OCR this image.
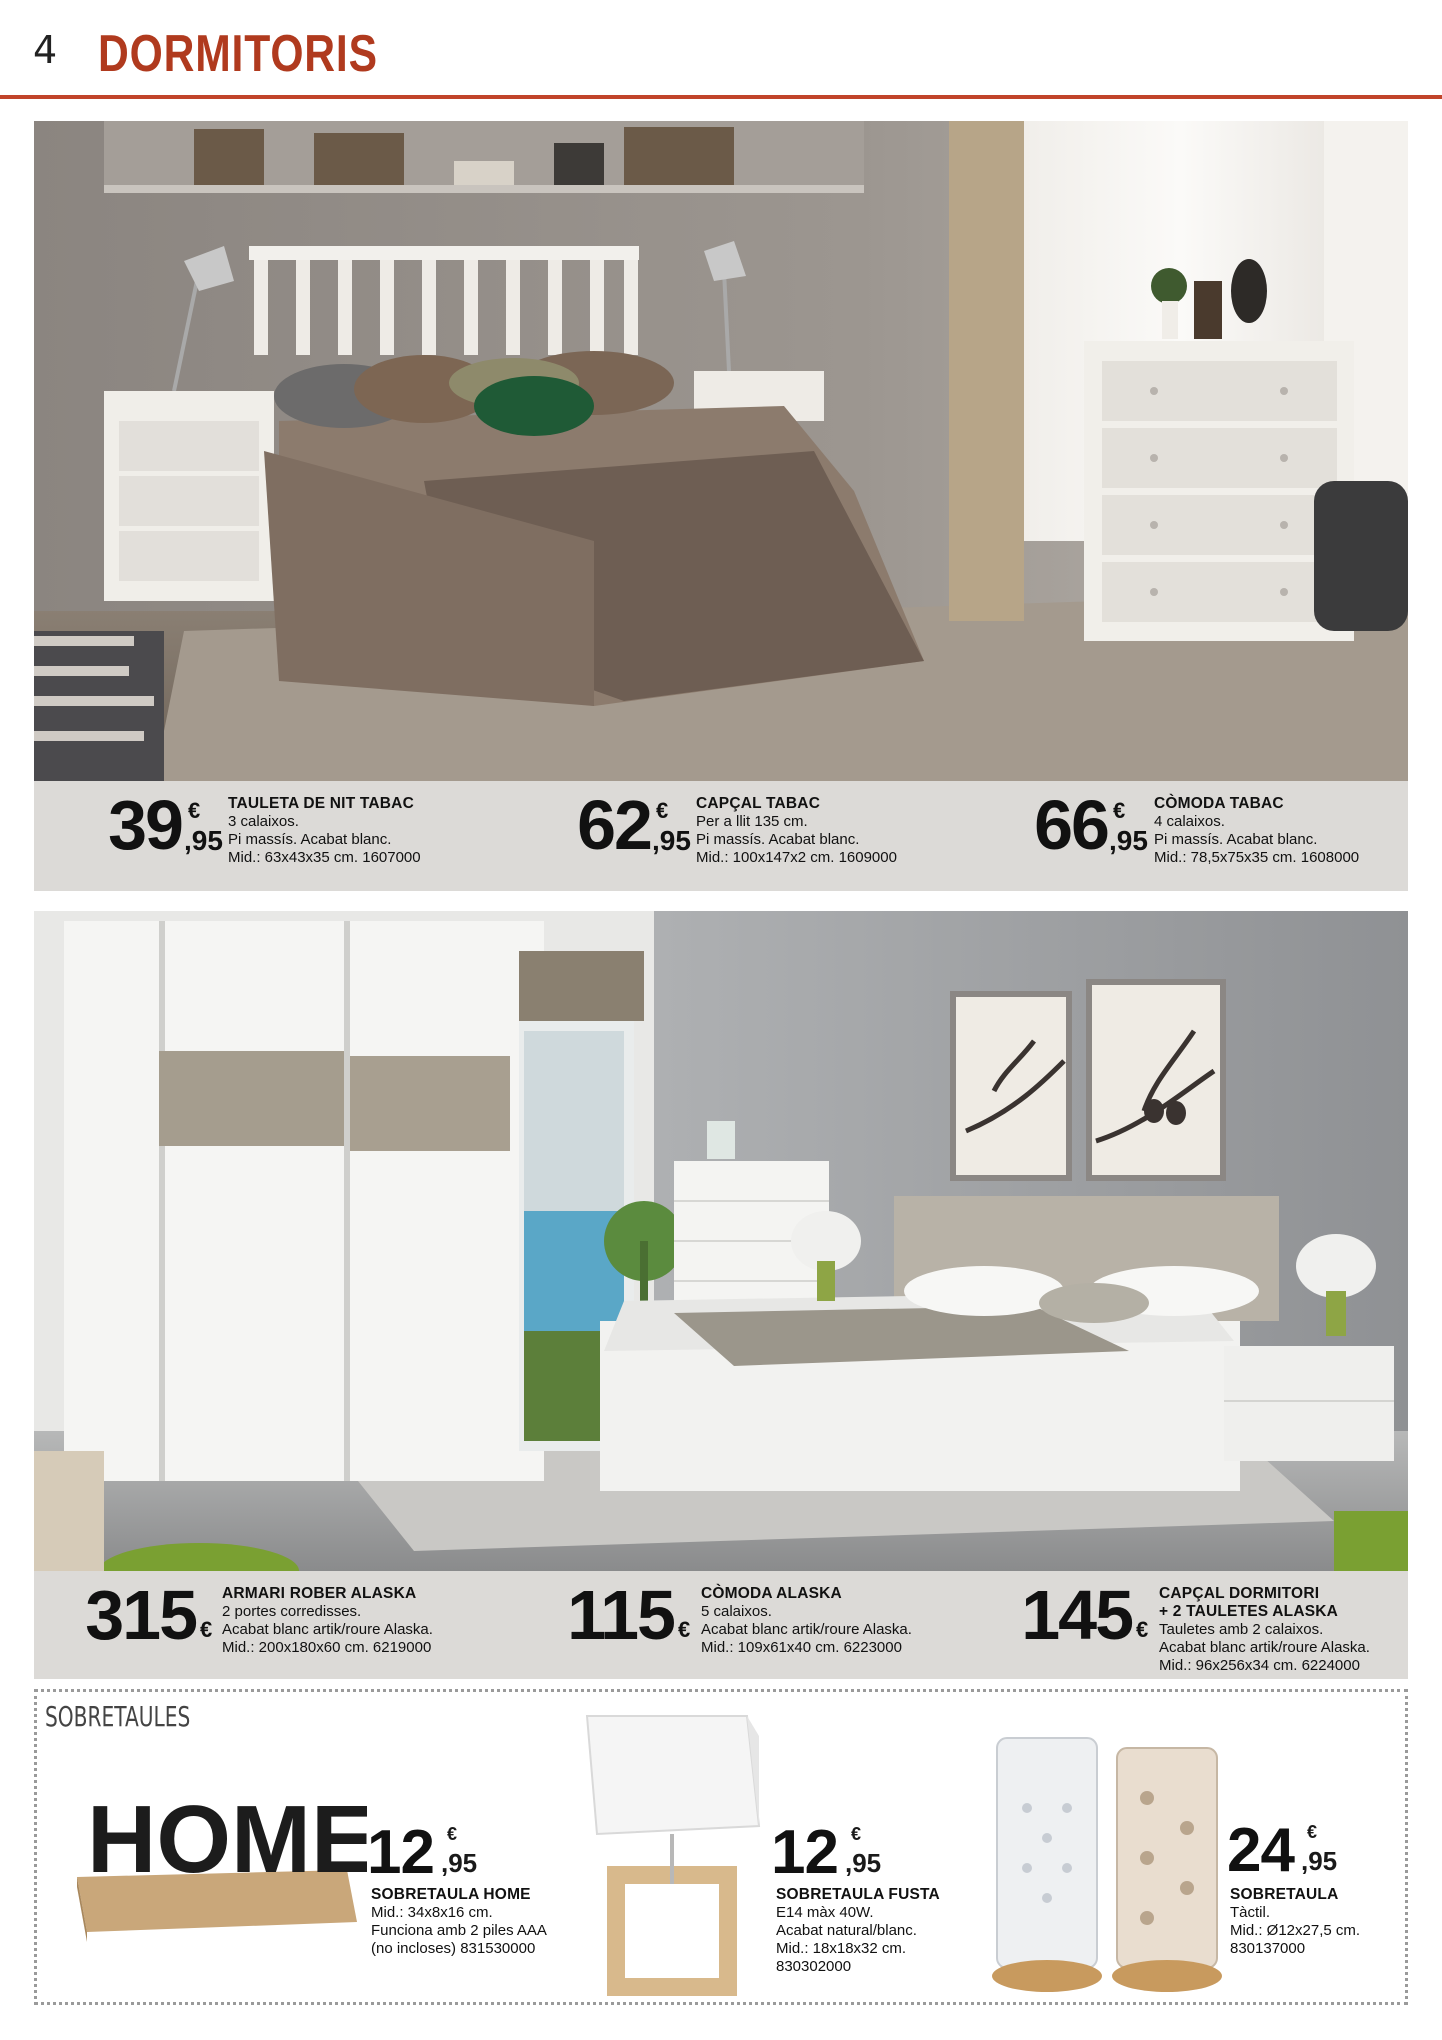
4 DORMITORIS
39 €
,95
TAULETA DE NIT TABAC
3 calaixos.
Pi massís. Acabat blanc.
Mid.: 63x43x35 cm. 1607000 62 €
,95
CAPÇAL TABAC
Per a llit 135 cm.
Pi massís. Acabat blanc.
Mid.: 100x147x2 cm. 1609000 66 €
,95
CÒMODA TABAC
4 calaixos.
Pi massís. Acabat blanc.
Mid.: 78,5x75x35 cm. 1608000
315 €
ARMARI ROBER ALASKA
2 portes corredisses.
Acabat blanc artik/roure Alaska.
Mid.: 200x180x60 cm. 6219000 115 €
CÒMODA ALASKA
5 calaixos.
Acabat blanc artik/roure Alaska.
Mid.: 109x61x40 cm. 6223000 145 €
CAPÇAL DORMITORI
+ 2 TAULETES ALASKA
Tauletes amb 2 calaixos.
Acabat blanc artik/roure Alaska.
Mid.: 96x256x34 cm. 6224000
SOBRETAULES
HOME
12 €
,95
SOBRETAULA HOME
Mid.: 34x8x16 cm.
Funciona amb 2 piles AAA
(no incloses) 831530000
12 €
,95
SOBRETAULA FUSTA
E14 màx 40W.
Acabat natural/blanc.
Mid.: 18x18x32 cm.
830302000
24 €
,95
SOBRETAULA
Tàctil.
Mid.: Ø12x27,5 cm.
830137000
